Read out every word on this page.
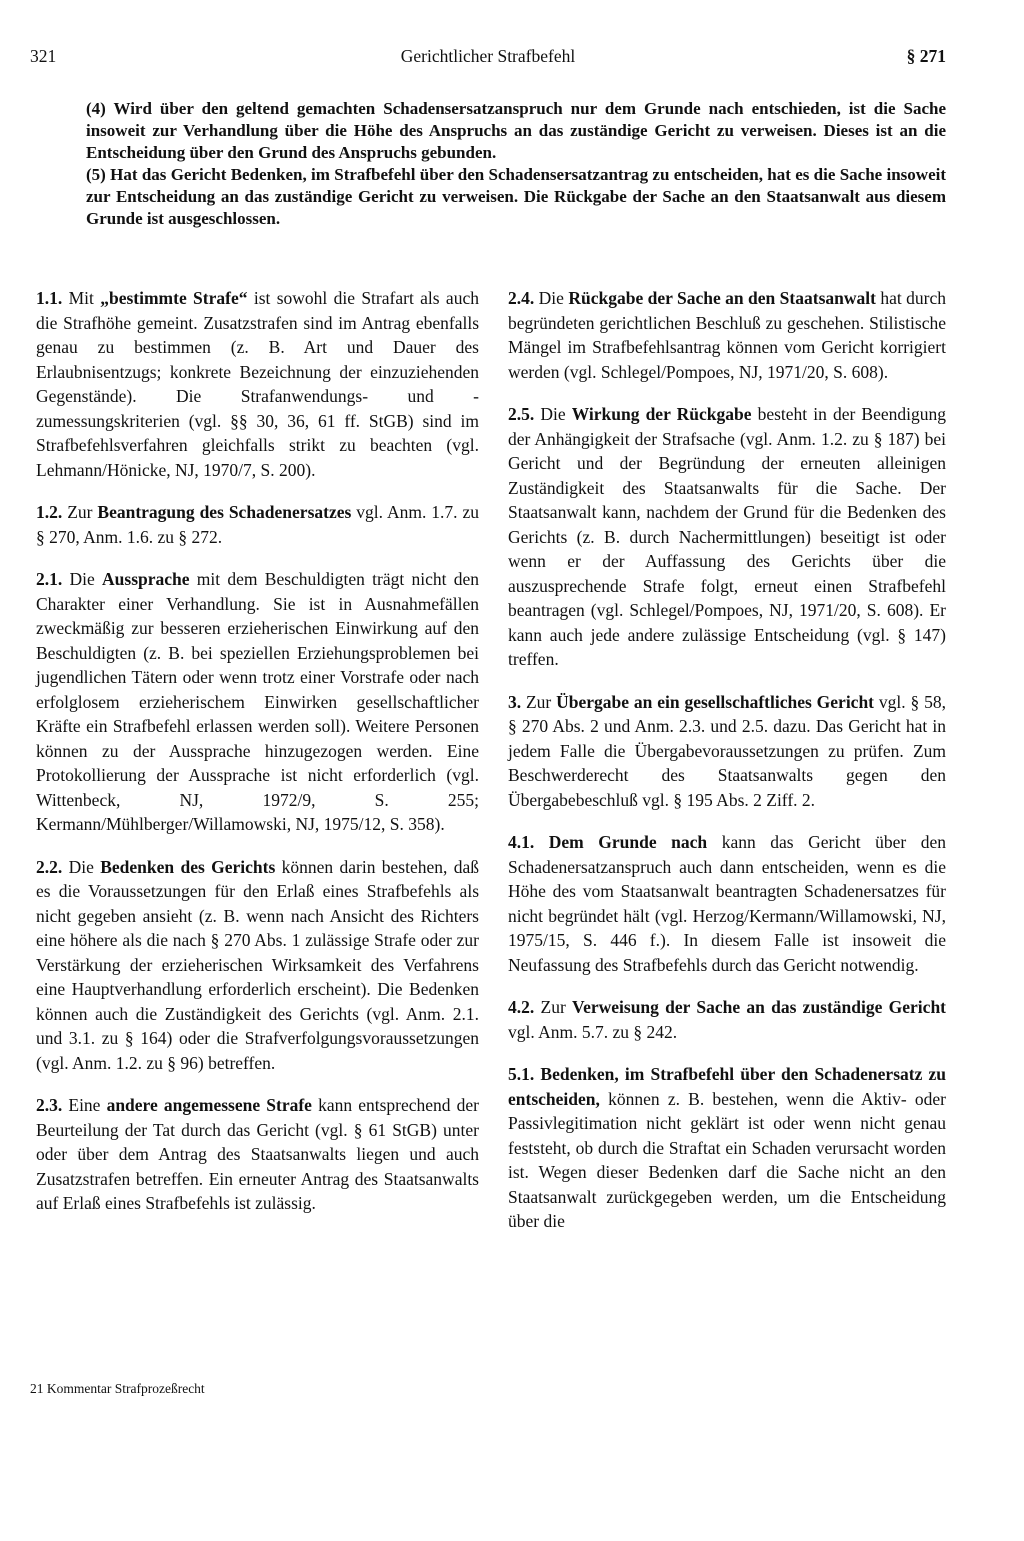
321	Gerichtlicher Strafbefehl	§ 271

(4) Wird über den geltend gemachten Schadensersatzanspruch nur dem Grunde nach entschieden, ist die Sache insoweit zur Verhandlung über die Höhe des Anspruchs an das zuständige Gericht zu verweisen. Dieses ist an die Entscheidung über den Grund des Anspruchs gebunden.

(5) Hat das Gericht Bedenken, im Strafbefehl über den Schadensersatzantrag zu entscheiden, hat es die Sache insoweit zur Entscheidung an das zuständige Gericht zu verweisen. Die Rückgabe der Sache an den Staatsanwalt aus diesem Grunde ist ausgeschlossen.

1.1. Mit „bestimmte Strafe“ ist sowohl die Strafart als auch die Strafhöhe gemeint. Zusatzstrafen sind im Antrag ebenfalls genau zu bestimmen (z. B. Art und Dauer des Erlaubnisentzugs; konkrete Bezeichnung der einzuziehenden Gegenstände). Die Strafanwendungs- und -zumessungskriterien (vgl. §§ 30, 36, 61 ff. StGB) sind im Strafbefehlsverfahren gleichfalls strikt zu beachten (vgl. Lehmann/Hönicke, NJ, 1970/7, S. 200).

1.2. Zur Beantragung des Schadenersatzes vgl. Anm. 1.7. zu § 270, Anm. 1.6. zu § 272.

2.1. Die Aussprache mit dem Beschuldigten trägt nicht den Charakter einer Verhandlung. Sie ist in Ausnahmefällen zweckmäßig zur besseren erzieherischen Einwirkung auf den Beschuldigten (z. B. bei speziellen Erziehungsproblemen bei jugendlichen Tätern oder wenn trotz einer Vorstrafe oder nach erfolglosem erzieherischem Einwirken gesellschaftlicher Kräfte ein Strafbefehl erlassen werden soll). Weitere Personen können zu der Aussprache hinzugezogen werden. Eine Protokollierung der Aussprache ist nicht erforderlich (vgl. Wittenbeck, NJ, 1972/9, S. 255; Kermann/Mühlberger/Willamowski, NJ, 1975/12, S. 358).

2.2. Die Bedenken des Gerichts können darin bestehen, daß es die Voraussetzungen für den Erlaß eines Strafbefehls als nicht gegeben ansieht (z. B. wenn nach Ansicht des Richters eine höhere als die nach § 270 Abs. 1 zulässige Strafe oder zur Verstärkung der erzieherischen Wirksamkeit des Verfahrens eine Hauptverhandlung erforderlich erscheint). Die Bedenken können auch die Zuständigkeit des Gerichts (vgl. Anm. 2.1. und 3.1. zu § 164) oder die Strafverfolgungsvoraussetzungen (vgl. Anm. 1.2. zu § 96) betreffen.

2.3. Eine andere angemessene Strafe kann entsprechend der Beurteilung der Tat durch das Gericht (vgl. § 61 StGB) unter oder über dem Antrag des Staatsanwalts liegen und auch Zusatzstrafen betreffen. Ein erneuter Antrag des Staatsanwalts auf Erlaß eines Strafbefehls ist zulässig.

2.4. Die Rückgabe der Sache an den Staatsanwalt hat durch begründeten gerichtlichen Beschluß zu geschehen. Stilistische Mängel im Strafbefehlsantrag können vom Gericht korrigiert werden (vgl. Schlegel/Pompoes, NJ, 1971/20, S. 608).

2.5. Die Wirkung der Rückgabe besteht in der Beendigung der Anhängigkeit der Strafsache (vgl. Anm. 1.2. zu § 187) bei Gericht und der Begründung der erneuten alleinigen Zuständigkeit des Staatsanwalts für die Sache. Der Staatsanwalt kann, nachdem der Grund für die Bedenken des Gerichts (z. B. durch Nachermittlungen) beseitigt ist oder wenn er der Auffassung des Gerichts über die auszusprechende Strafe folgt, erneut einen Strafbefehl beantragen (vgl. Schlegel/Pompoes, NJ, 1971/20, S. 608). Er kann auch jede andere zulässige Entscheidung (vgl. § 147) treffen.

3. Zur Übergabe an ein gesellschaftliches Gericht vgl. § 58, § 270 Abs. 2 und Anm. 2.3. und 2.5. dazu. Das Gericht hat in jedem Falle die Übergabevoraussetzungen zu prüfen. Zum Beschwerderecht des Staatsanwalts gegen den Übergabebeschluß vgl. § 195 Abs. 2 Ziff. 2.

4.1. Dem Grunde nach kann das Gericht über den Schadenersatzanspruch auch dann entscheiden, wenn es die Höhe des vom Staatsanwalt beantragten Schadenersatzes für nicht begründet hält (vgl. Herzog/Kermann/Willamowski, NJ, 1975/15, S. 446 f.). In diesem Falle ist insoweit die Neufassung des Strafbefehls durch das Gericht notwendig.

4.2. Zur Verweisung der Sache an das zuständige Gericht vgl. Anm. 5.7. zu § 242.

5.1. Bedenken, im Strafbefehl über den Schadenersatz zu entscheiden, können z. B. bestehen, wenn die Aktiv- oder Passivlegitimation nicht geklärt ist oder wenn nicht genau feststeht, ob durch die Straftat ein Schaden verursacht worden ist. Wegen dieser Bedenken darf die Sache nicht an den Staatsanwalt zurückgegeben werden, um die Entscheidung über die

21 Kommentar Strafprozeßrecht
